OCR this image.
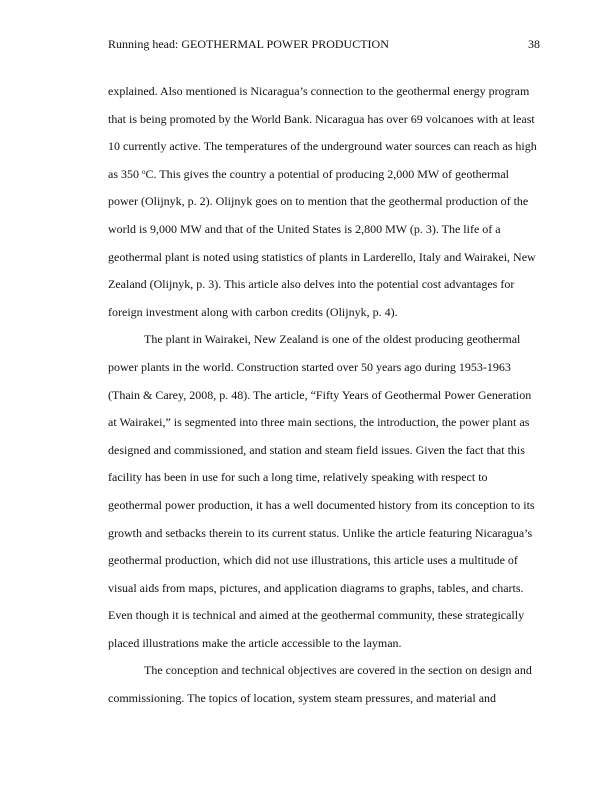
Running head: GEOTHERMAL POWER PRODUCTION	38
explained. Also mentioned is Nicaragua’s connection to the geothermal energy program
that is being promoted by the World Bank. Nicaragua has over 69 volcanoes with at least
10 currently active. The temperatures of the underground water sources can reach as high
as 350 $^o$C. This gives the country a potential of producing 2,000 MW of geothermal
power (Olijnyk, p. 2). Olijnyk goes on to mention that the geothermal production of the
world is 9,000 MW and that of the United States is 2,800 MW (p. 3). The life of a
geothermal plant is noted using statistics of plants in Larderello, Italy and Wairakei, New
Zealand (Olijnyk, p. 3). This article also delves into the potential cost advantages for
foreign investment along with carbon credits (Olijnyk, p. 4).
The plant in Wairakei, New Zealand is one of the oldest producing geothermal
power plants in the world. Construction started over 50 years ago during 1953-1963
(Thain & Carey, 2008, p. 48). The article, “Fifty Years of Geothermal Power Generation
at Wairakei,” is segmented into three main sections, the introduction, the power plant as
designed and commissioned, and station and steam field issues. Given the fact that this
facility has been in use for such a long time, relatively speaking with respect to
geothermal power production, it has a well documented history from its conception to its
growth and setbacks therein to its current status. Unlike the article featuring Nicaragua’s
geothermal production, which did not use illustrations, this article uses a multitude of
visual aids from maps, pictures, and application diagrams to graphs, tables, and charts.
Even though it is technical and aimed at the geothermal community, these strategically
placed illustrations make the article accessible to the layman.
The conception and technical objectives are covered in the section on design and
commissioning. The topics of location, system steam pressures, and material and
